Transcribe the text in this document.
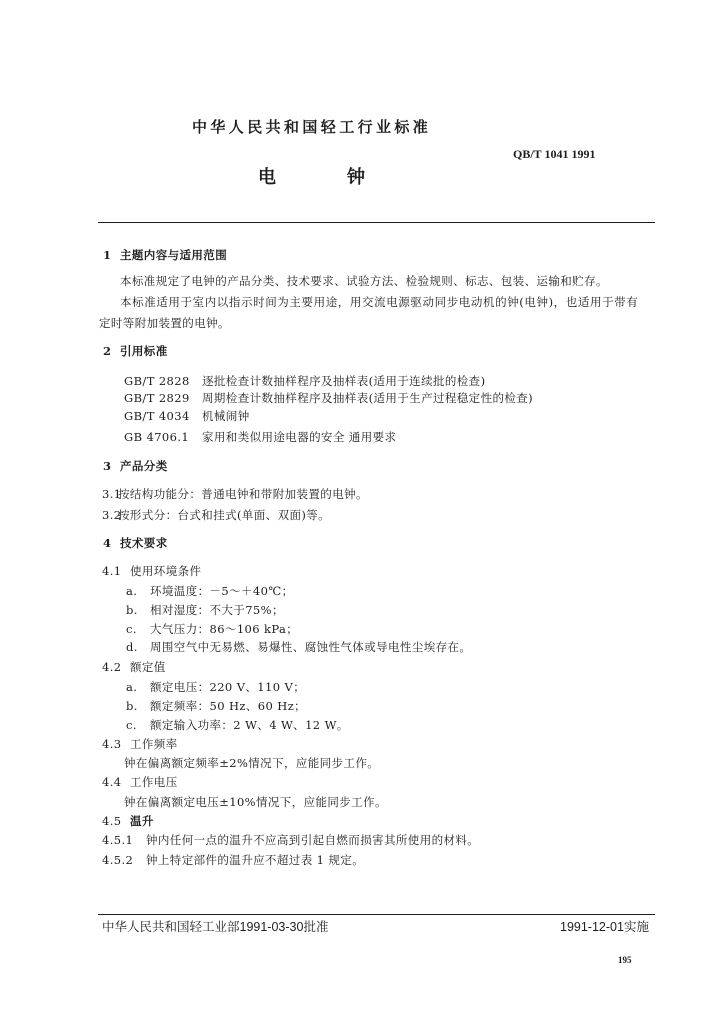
中华人民共和国轻工行业标准
QB/T 1041 1991
电	钟
1 主题内容与适用范围
本标准规定了电钟的产品分类、技术要求、试验方法、检验规则、标志、包装、运输和贮存。
本标准适用于室内以指示时间为主要用途，用交流电源驱动同步电动机的钟(电钟)，也适用于带有
定时等附加装置的电钟。
2 引用标准
GB/T 2828 逐批检查计数抽样程序及抽样表(适用于连续批的检查)
GB/T 2829 周期检查计数抽样程序及抽样表(适用于生产过程稳定性的检查)
GB/T 4034 机械闹钟
GB 4706.1 家用和类似用途电器的安全 通用要求
3 产品分类
3.1
按结构功能分：普通电钟和带附加装置的电钟。
3.2
按形式分：台式和挂式(单面、双面)等。
4 技术要求
4.1 使用环境条件
a. 环境温度：－5～＋40℃；
b. 相对湿度：不大于75%；
c. 大气压力：86～106 kPa；
d. 周围空气中无易燃、易爆性、腐蚀性气体或导电性尘埃存在。
4.2 额定值
a. 额定电压：220 V、110 V；
b. 额定频率：50 Hz、60 Hz；
c. 额定输入功率：2 W、4 W、12 W。
4.3 工作频率
钟在偏离额定频率±2%情况下，应能同步工作。
4.4 工作电压
钟在偏离额定电压±10%情况下，应能同步工作。
4.5 温升
4.5.1 钟内任何一点的温升不应高到引起自燃而损害其所使用的材料。
4.5.2 钟上特定部件的温升应不超过表 1 规定。
中华人民共和国轻工业部1991-03-30批准	1991-12-01实施
195
